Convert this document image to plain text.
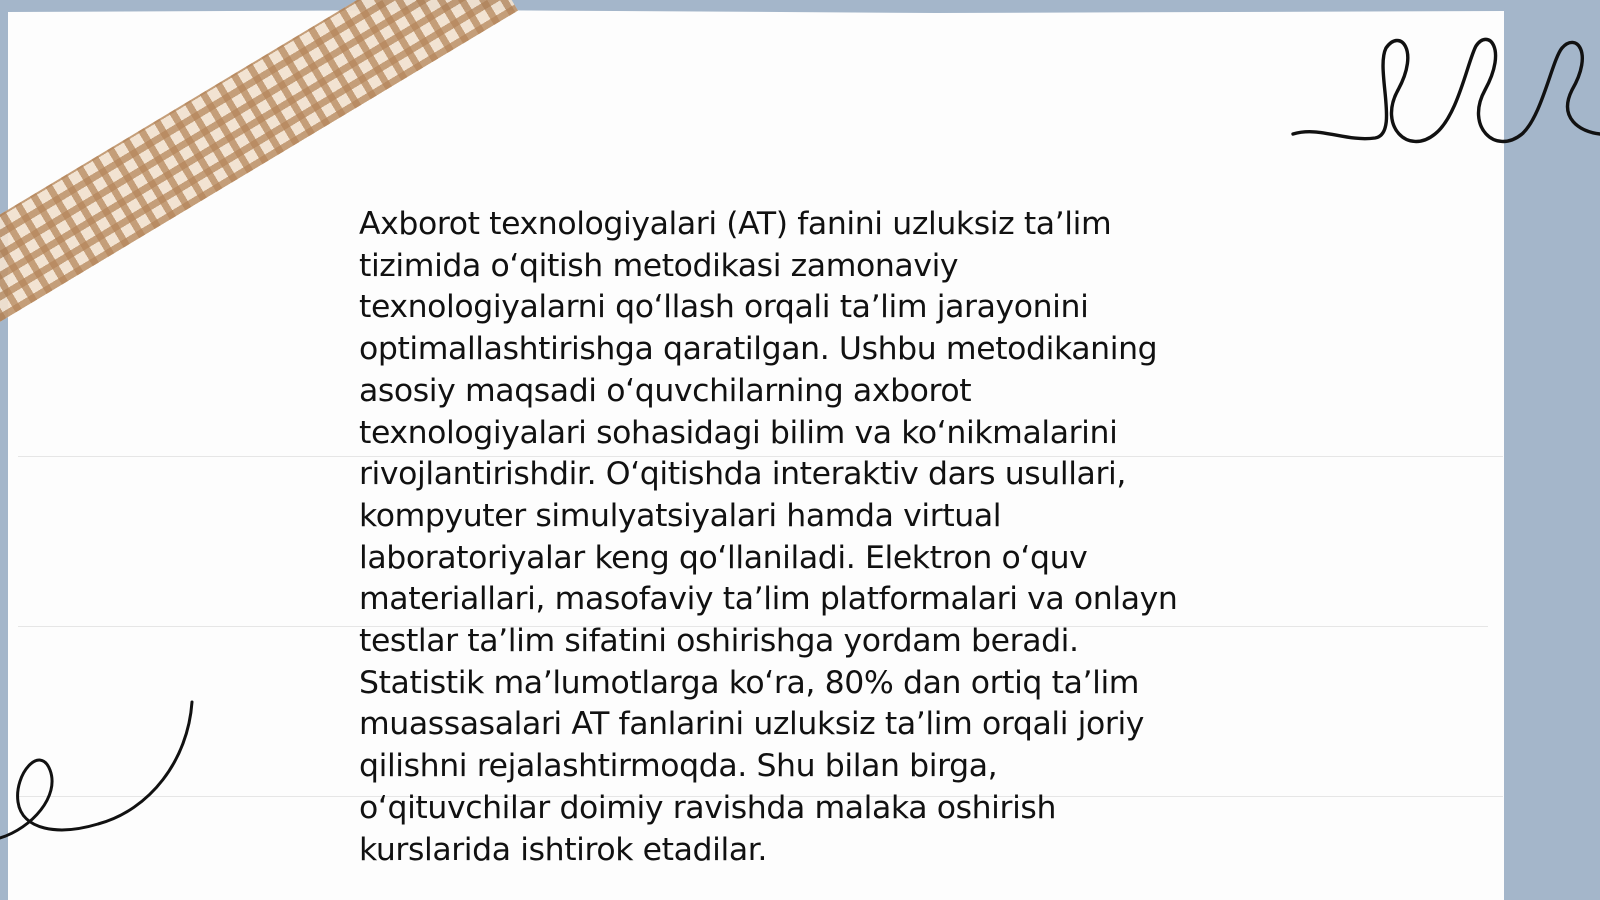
Axborot texnologiyalari (AT) fanini uzluksiz ta’lim
tizimida o‘qitish metodikasi zamonaviy
texnologiyalarni qo‘llash orqali ta’lim jarayonini
optimallashtirishga qaratilgan. Ushbu metodikaning
asosiy maqsadi o‘quvchilarning axborot
texnologiyalari sohasidagi bilim va ko‘nikmalarini
rivojlantirishdir. O‘qitishda interaktiv dars usullari,
kompyuter simulyatsiyalari hamda virtual
laboratoriyalar keng qo‘llaniladi. Elektron o‘quv
materiallari, masofaviy ta’lim platformalari va onlayn
testlar ta’lim sifatini oshirishga yordam beradi.
Statistik ma’lumotlarga ko‘ra, 80% dan ortiq ta’lim
muassasalari AT fanlarini uzluksiz ta’lim orqali joriy
qilishni rejalashtirmoqda. Shu bilan birga,
o‘qituvchilar doimiy ravishda malaka oshirish
kurslarida ishtirok etadilar.
